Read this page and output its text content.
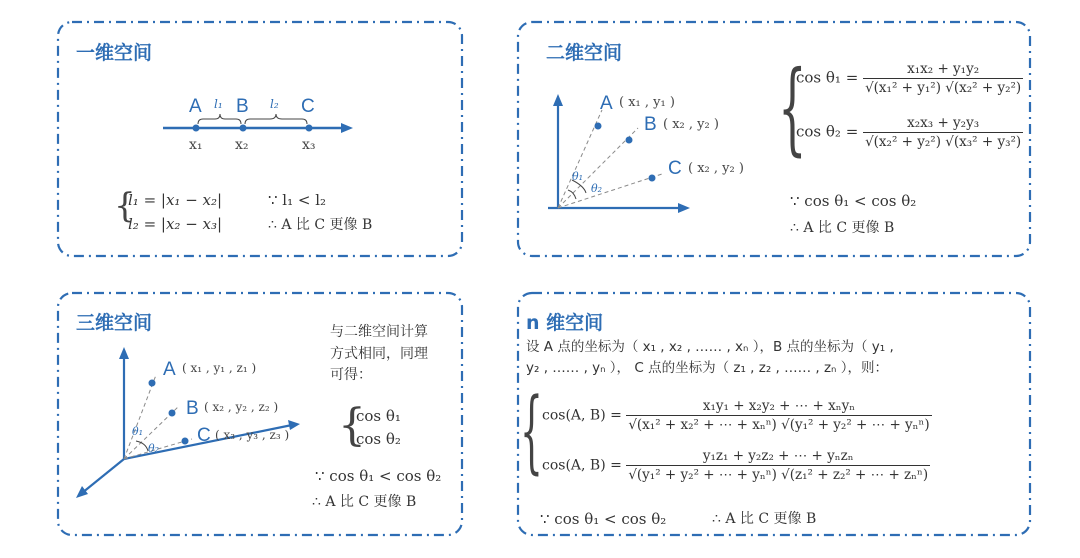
一维空间
A B	C
l₁	l₂
x₁ x₂	x₃
{
l₁ = |x₁ − x₂|
l₂ = |x₂ − x₃|
∵ l₁ < l₂
∴ A 比 C 更像 B
二维空间
A ( x₁ , y₁ )
B ( x₂ , y₂ )
C ( x₂ , y₂ )
θ₁
θ₂
{
$\cos \theta_1 = \frac{\text{x₁x₂ + y₁y₂}}{\text{√(x₁² + y₁²) √(x₂² + y₂²)}}$
$\cos \theta_2 = \frac{\text{x₂x₃ + y₂y₃}}{\text{√(x₂² + y₂²) √(x₃² + y₃²)}}$
∵ cos θ₁ < cos θ₂
∴ A 比 C 更像 B
三维空间
A ( x₁ , y₁ , z₁ )
B ( x₂ , y₂ , z₂ )
C ( x₃ , y₃ , z₃ )
θ₁
θ₂
与二维空间计算
方式相同，同理
可得：
{
cos θ₁
cos θ₂
∵ cos θ₁ < cos θ₂
∴ A 比 C 更像 B
n 维空间
设 A 点的坐标为（ x₁ , x₂ , …… , xₙ ），B 点的坐标为（ y₁ ,
y₂ , …… , yₙ ）， C 点的坐标为（ z₁ , z₂ , …… , zₙ ），则：
{ cos(A, $B) = \frac{\text{x₁y₁ + x₂y₂ + ⋯ + xₙyₙ}}{\text{√(x₁² + x₂² + ⋯ + xₙⁿ) √(y₁² + y₂² + ⋯ + yₙⁿ)}}$
cos(A, $B) = \frac{\text{y₁z₁ + y₂z₂ + ⋯ + yₙzₙ}}{\text{√(y₁² + y₂² + ⋯ + yₙⁿ) √(z₁² + z₂² + ⋯ + zₙⁿ)}}$
∵ cos θ₁ < cos θ₂	∴ A 比 C 更像 B
